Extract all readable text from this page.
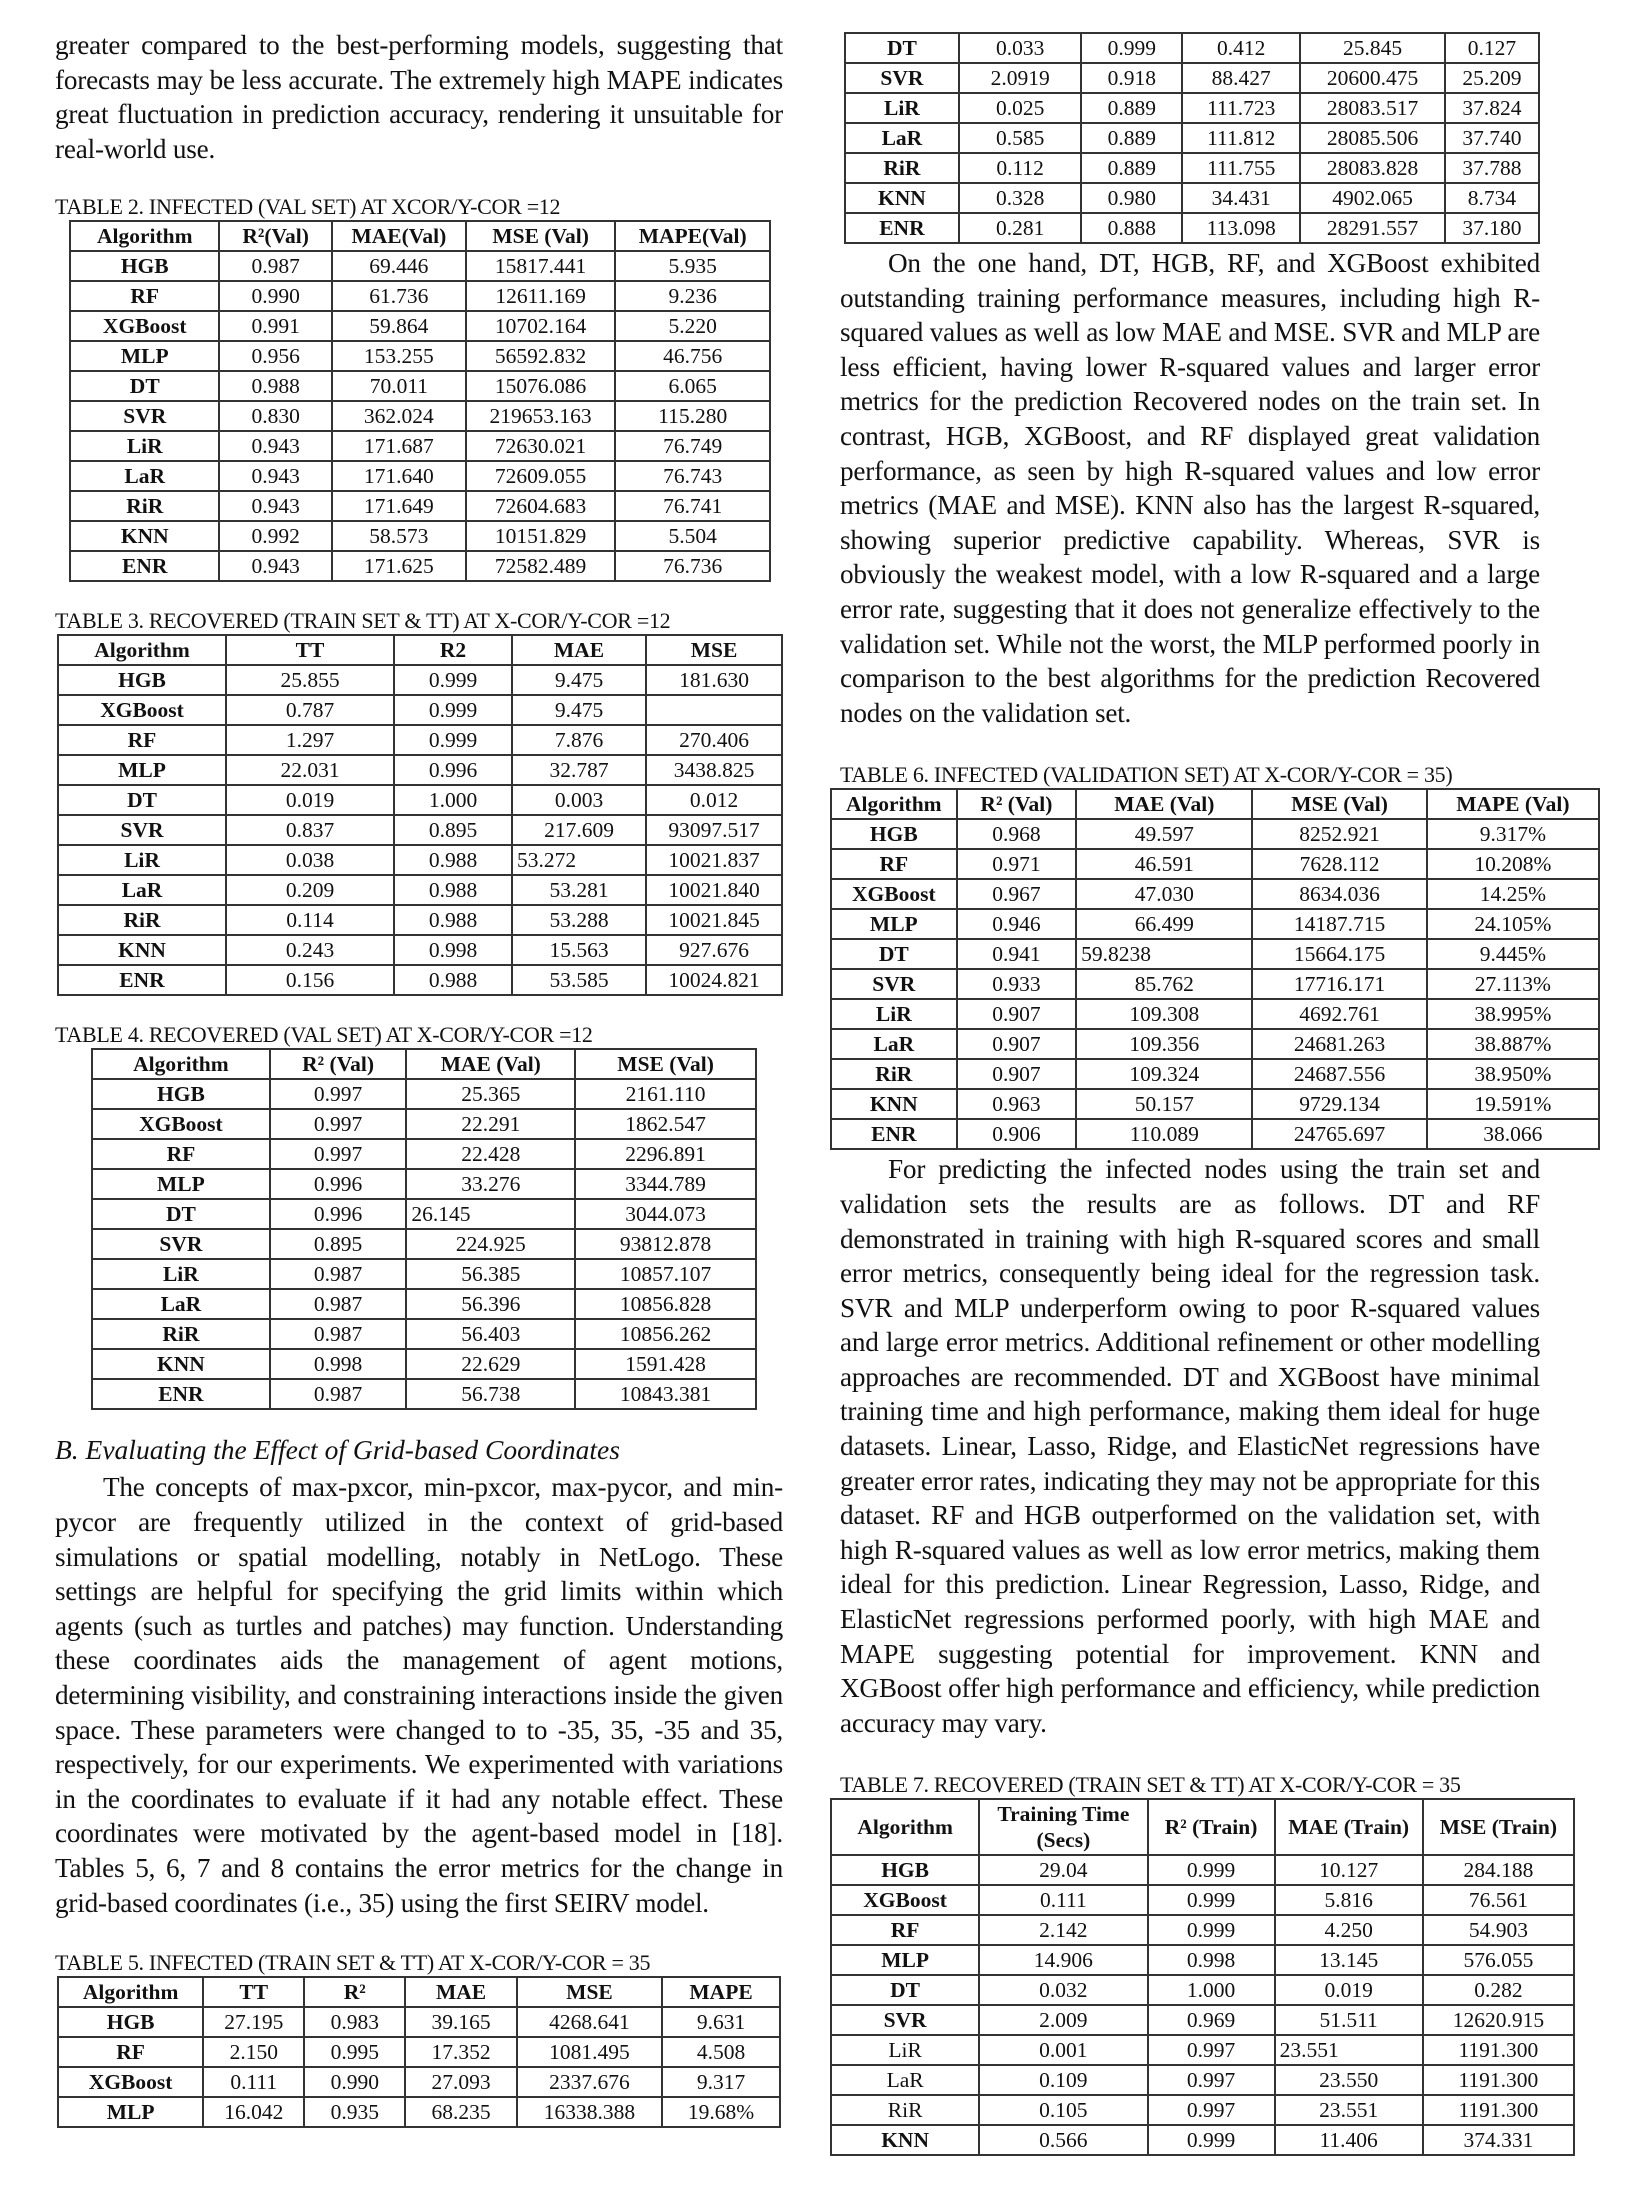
greater compared to the best-performing models, suggesting that forecasts may be less accurate. The extremely high MAPE indicates great fluctuation in prediction accuracy, rendering it unsuitable for real-world use.

TABLE 2. INFECTED (VAL SET) AT XCOR/Y-COR =12

Algorithm	R²(Val)	MAE(Val)	MSE (Val)	MAPE(Val)
HGB	0.987	69.446	15817.441	5.935
RF	0.990	61.736	12611.169	9.236
XGBoost	0.991	59.864	10702.164	5.220
MLP	0.956	153.255	56592.832	46.756
DT	0.988	70.011	15076.086	6.065
SVR	0.830	362.024	219653.163	115.280
LiR	0.943	171.687	72630.021	76.749
LaR	0.943	171.640	72609.055	76.743
RiR	0.943	171.649	72604.683	76.741
KNN	0.992	58.573	10151.829	5.504
ENR	0.943	171.625	72582.489	76.736

TABLE 3. RECOVERED (TRAIN SET & TT) AT X-COR/Y-COR =12

Algorithm	TT	R2	MAE	MSE
HGB	25.855	0.999	9.475	181.630
XGBoost	0.787	0.999	9.475	
RF	1.297	0.999	7.876	270.406
MLP	22.031	0.996	32.787	3438.825
DT	0.019	1.000	0.003	0.012
SVR	0.837	0.895	217.609	93097.517
LiR	0.038	0.988	53.272	10021.837
LaR	0.209	0.988	53.281	10021.840
RiR	0.114	0.988	53.288	10021.845
KNN	0.243	0.998	15.563	927.676
ENR	0.156	0.988	53.585	10024.821

TABLE 4. RECOVERED (VAL SET) AT X-COR/Y-COR =12

Algorithm	R² (Val)	MAE (Val)	MSE (Val)
HGB	0.997	25.365	2161.110
XGBoost	0.997	22.291	1862.547
RF	0.997	22.428	2296.891
MLP	0.996	33.276	3344.789
DT	0.996	26.145	3044.073
SVR	0.895	224.925	93812.878
LiR	0.987	56.385	10857.107
LaR	0.987	56.396	10856.828
RiR	0.987	56.403	10856.262
KNN	0.998	22.629	1591.428
ENR	0.987	56.738	10843.381

B. Evaluating the Effect of Grid-based Coordinates

The concepts of max-pxcor, min-pxcor, max-pycor, and min-pycor are frequently utilized in the context of grid-based simulations or spatial modelling, notably in NetLogo. These settings are helpful for specifying the grid limits within which agents (such as turtles and patches) may function. Understanding these coordinates aids the management of agent motions, determining visibility, and constraining interactions inside the given space. These parameters were changed to to -35, 35, -35 and 35, respectively, for our experiments. We experimented with variations in the coordinates to evaluate if it had any notable effect. These coordinates were motivated by the agent-based model in [18]. Tables 5, 6, 7 and 8 contains the error metrics for the change in grid-based coordinates (i.e., 35) using the first SEIRV model.

TABLE 5. INFECTED (TRAIN SET & TT) AT X-COR/Y-COR = 35

Algorithm	TT	R²	MAE	MSE	MAPE
HGB	27.195	0.983	39.165	4268.641	9.631
RF	2.150	0.995	17.352	1081.495	4.508
XGBoost	0.111	0.990	27.093	2337.676	9.317
MLP	16.042	0.935	68.235	16338.388	19.68%
DT	0.033	0.999	0.412	25.845	0.127
SVR	2.0919	0.918	88.427	20600.475	25.209
LiR	0.025	0.889	111.723	28083.517	37.824
LaR	0.585	0.889	111.812	28085.506	37.740
RiR	0.112	0.889	111.755	28083.828	37.788
KNN	0.328	0.980	34.431	4902.065	8.734
ENR	0.281	0.888	113.098	28291.557	37.180

On the one hand, DT, HGB, RF, and XGBoost exhibited outstanding training performance measures, including high R-squared values as well as low MAE and MSE. SVR and MLP are less efficient, having lower R-squared values and larger error metrics for the prediction Recovered nodes on the train set. In contrast, HGB, XGBoost, and RF displayed great validation performance, as seen by high R-squared values and low error metrics (MAE and MSE). KNN also has the largest R-squared, showing superior predictive capability. Whereas, SVR is obviously the weakest model, with a low R-squared and a large error rate, suggesting that it does not generalize effectively to the validation set. While not the worst, the MLP performed poorly in comparison to the best algorithms for the prediction Recovered nodes on the validation set.

TABLE 6. INFECTED (VALIDATION SET) AT X-COR/Y-COR = 35)

Algorithm	R² (Val)	MAE (Val)	MSE (Val)	MAPE (Val)
HGB	0.968	49.597	8252.921	9.317%
RF	0.971	46.591	7628.112	10.208%
XGBoost	0.967	47.030	8634.036	14.25%
MLP	0.946	66.499	14187.715	24.105%
DT	0.941	59.8238	15664.175	9.445%
SVR	0.933	85.762	17716.171	27.113%
LiR	0.907	109.308	4692.761	38.995%
LaR	0.907	109.356	24681.263	38.887%
RiR	0.907	109.324	24687.556	38.950%
KNN	0.963	50.157	9729.134	19.591%
ENR	0.906	110.089	24765.697	38.066

For predicting the infected nodes using the train set and validation sets the results are as follows. DT and RF demonstrated in training with high R-squared scores and small error metrics, consequently being ideal for the regression task. SVR and MLP underperform owing to poor R-squared values and large error metrics. Additional refinement or other modelling approaches are recommended. DT and XGBoost have minimal training time and high performance, making them ideal for huge datasets. Linear, Lasso, Ridge, and ElasticNet regressions have greater error rates, indicating they may not be appropriate for this dataset. RF and HGB outperformed on the validation set, with high R-squared values as well as low error metrics, making them ideal for this prediction. Linear Regression, Lasso, Ridge, and ElasticNet regressions performed poorly, with high MAE and MAPE suggesting potential for improvement. KNN and XGBoost offer high performance and efficiency, while prediction accuracy may vary.

TABLE 7. RECOVERED (TRAIN SET & TT) AT X-COR/Y-COR = 35

Algorithm	Training Time (Secs)	R² (Train)	MAE (Train)	MSE (Train)
HGB	29.04	0.999	10.127	284.188
XGBoost	0.111	0.999	5.816	76.561
RF	2.142	0.999	4.250	54.903
MLP	14.906	0.998	13.145	576.055
DT	0.032	1.000	0.019	0.282
SVR	2.009	0.969	51.511	12620.915
LiR	0.001	0.997	23.551	1191.300
LaR	0.109	0.997	23.550	1191.300
RiR	0.105	0.997	23.551	1191.300
KNN	0.566	0.999	11.406	374.331
